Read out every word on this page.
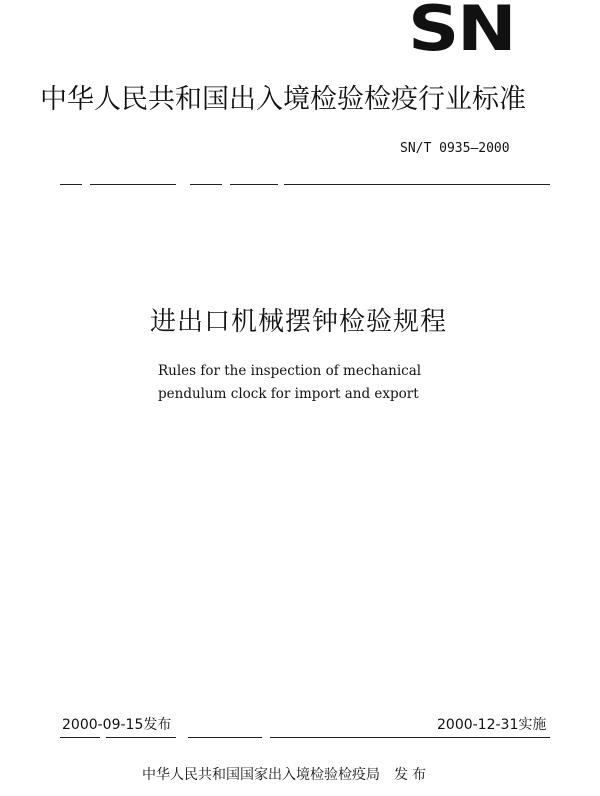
SN
中华人民共和国出入境检验检疫行业标准
SN/T 0935—2000
进出口机械摆钟检验规程
Rules for the inspection of mechanical
pendulum clock for import and export
2000-09-15发布	2000-12-31实施
中华人民共和国国家出入境检验检疫局 发布
